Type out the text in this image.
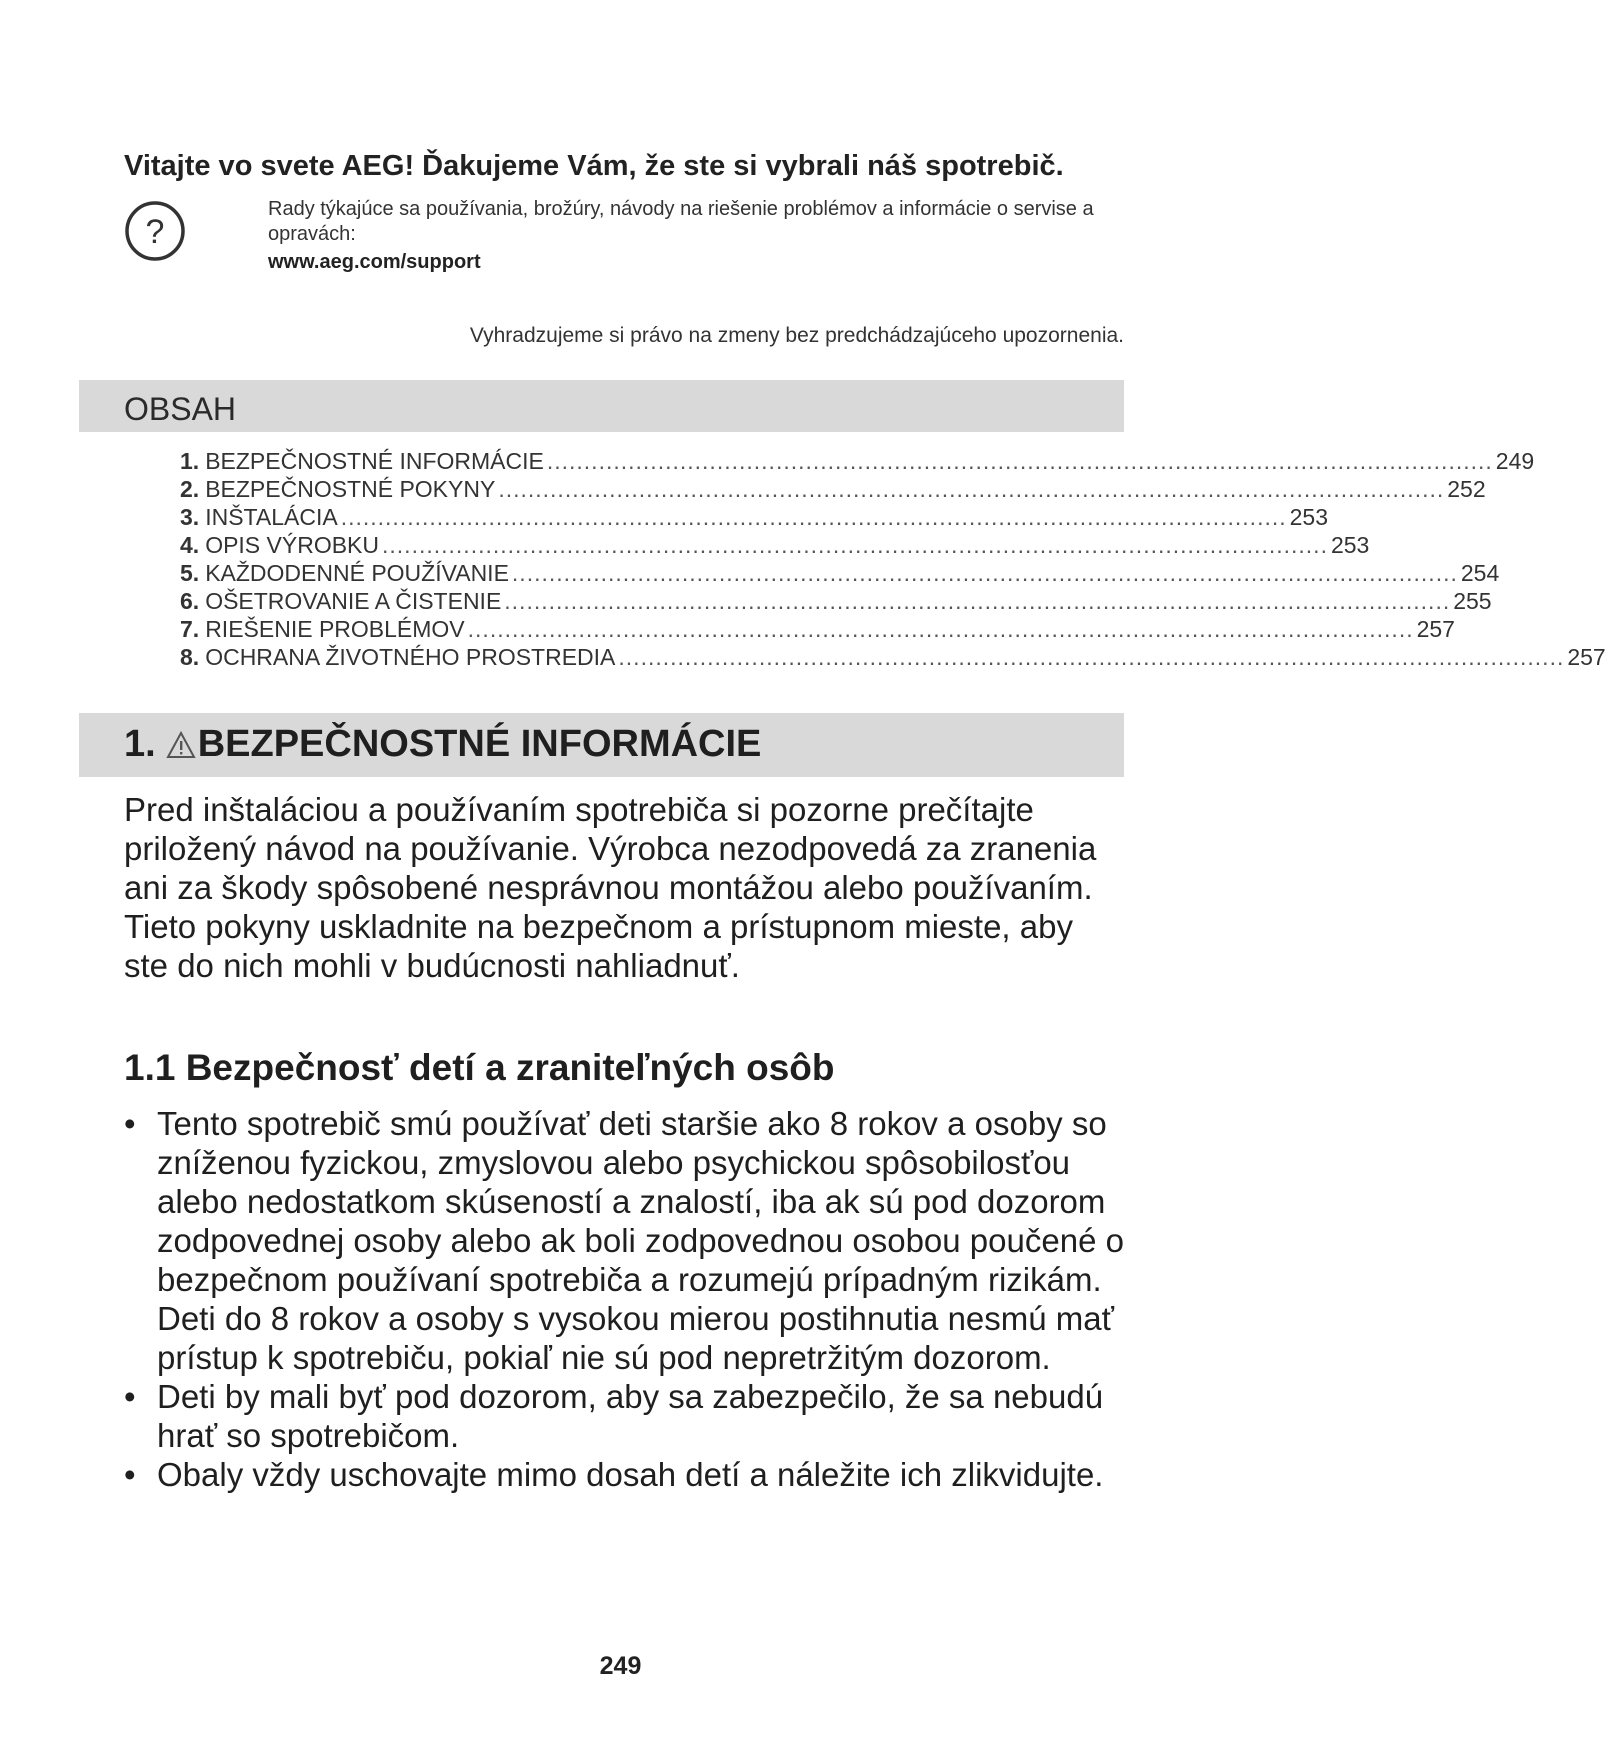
Vitajte vo svete AEG! Ďakujeme Vám, že ste si vybrali náš spotrebič.
?
Rady týkajúce sa používania, brožúry, návody na riešenie problémov a informácie o servise a opravách:
www.aeg.com/support
Vyhradzujeme si právo na zmeny bez predchádzajúceho upozornenia.
OBSAH
1. BEZPEČNOSTNÉ INFORMÁCIE ................................................................................................................................ 249
2. BEZPEČNOSTNÉ POKYNY ................................................................................................................................ 252
3. INŠTALÁCIA ................................................................................................................................ 253
4. OPIS VÝROBKU ................................................................................................................................ 253
5. KAŽDODENNÉ POUŽÍVANIE ................................................................................................................................ 254
6. OŠETROVANIE A ČISTENIE ................................................................................................................................ 255
7. RIEŠENIE PROBLÉMOV ................................................................................................................................ 257
8. OCHRANA ŽIVOTNÉHO PROSTREDIA ................................................................................................................................ 257
1. BEZPEČNOSTNÉ INFORMÁCIE
Pred inštaláciou a používaním spotrebiča si pozorne prečítajte priložený návod na používanie. Výrobca nezodpovedá za zranenia ani za škody spôsobené nesprávnou montážou alebo používaním. Tieto pokyny uskladnite na bezpečnom a prístupnom mieste, aby ste do nich mohli v budúcnosti nahliadnuť.
1.1 Bezpečnosť detí a zraniteľných osôb
• Tento spotrebič smú používať deti staršie ako 8 rokov a osoby so zníženou fyzickou, zmyslovou alebo psychickou spôsobilosťou alebo nedostatkom skúseností a znalostí, iba ak sú pod dozorom zodpovednej osoby alebo ak boli zodpovednou osobou poučené o bezpečnom používaní spotrebiča a rozumejú prípadným rizikám. Deti do 8 rokov a osoby s vysokou mierou postihnutia nesmú mať prístup k spotrebiču, pokiaľ nie sú pod nepretržitým dozorom.
• Deti by mali byť pod dozorom, aby sa zabezpečilo, že sa nebudú hrať so spotrebičom.
• Obaly vždy uschovajte mimo dosah detí a náležite ich zlikvidujte.
249
